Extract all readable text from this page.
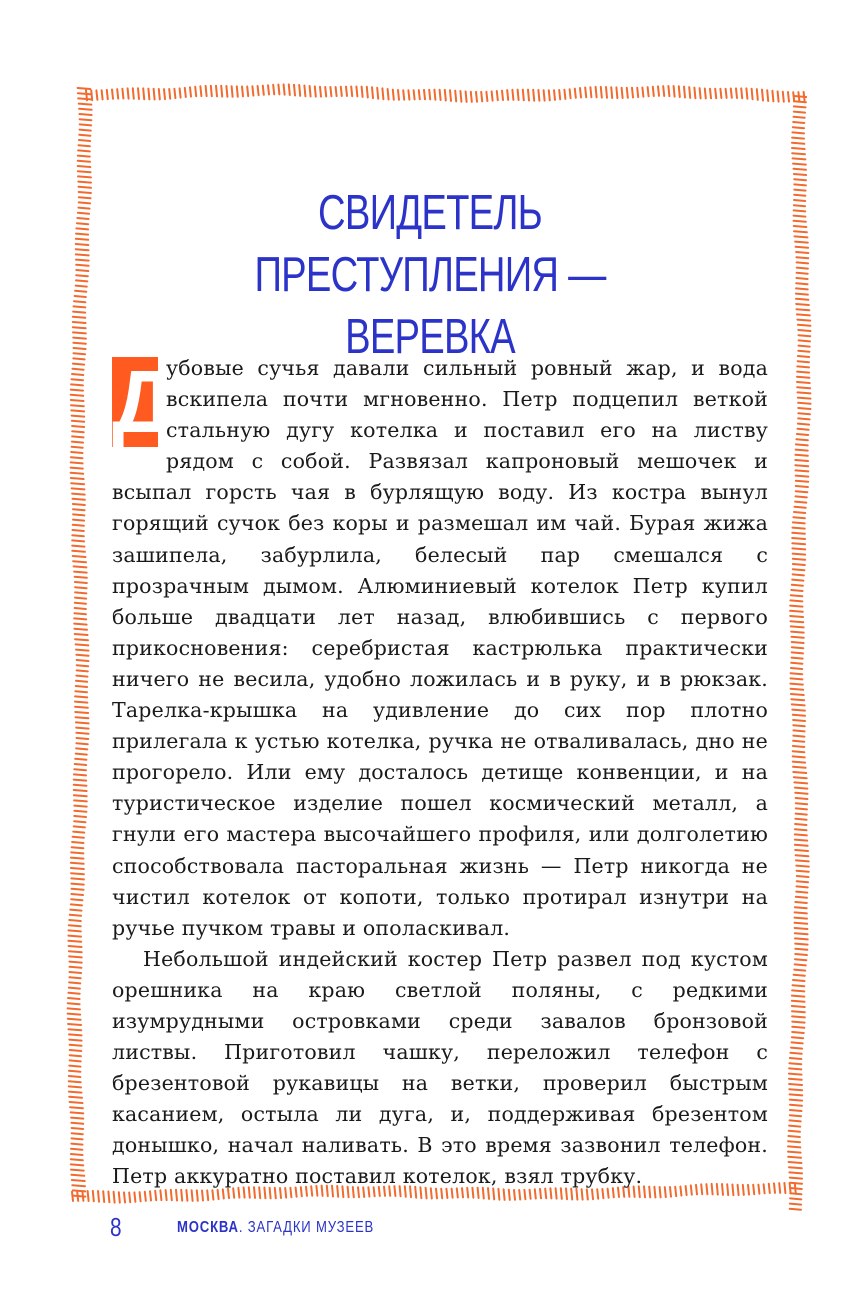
СВИДЕТЕЛЬ ПРЕСТУПЛЕНИЯ —
ВЕРЕВКА

Д
убовые сучья давали сильный ровный жар, и вода вскипела почти мгновенно. Петр подцепил веткой стальную дугу котелка и поставил его на листву рядом с собой. Развязал капроновый мешочек и всыпал горсть чая в бурлящую воду. Из костра вынул горящий сучок без коры и размешал им чай. Бурая жижа зашипела, забурлила, белесый пар смешался с прозрачным дымом. Алюминиевый котелок Петр купил больше двадцати лет назад, влюбившись с первого прикосновения: серебристая кастрюлька практически ничего не весила, удобно ложилась и в руку, и в рюкзак. Тарелка-крышка на удивление до сих пор плотно прилегала к устью котелка, ручка не отваливалась, дно не прогорело. Или ему досталось детище конвенции, и на туристическое изделие пошел космический металл, а гнули его мастера высочайшего профиля, или долголетию способствовала пасторальная жизнь — Петр никогда не чистил котелок от копоти, только протирал изнутри на ручье пучком травы и ополаскивал.

Небольшой индейский костер Петр развел под кустом орешника на краю светлой поляны, с редкими изумрудными островками среди завалов бронзовой листвы. Приготовил чашку, переложил телефон с брезентовой рукавицы на ветки, проверил быстрым касанием, остыла ли дуга, и, поддерживая брезентом донышко, начал наливать. В это время зазвонил телефон. Петр аккуратно поставил котелок, взял трубку.

8	МОСКВА. ЗАГАДКИ МУЗЕЕВ
